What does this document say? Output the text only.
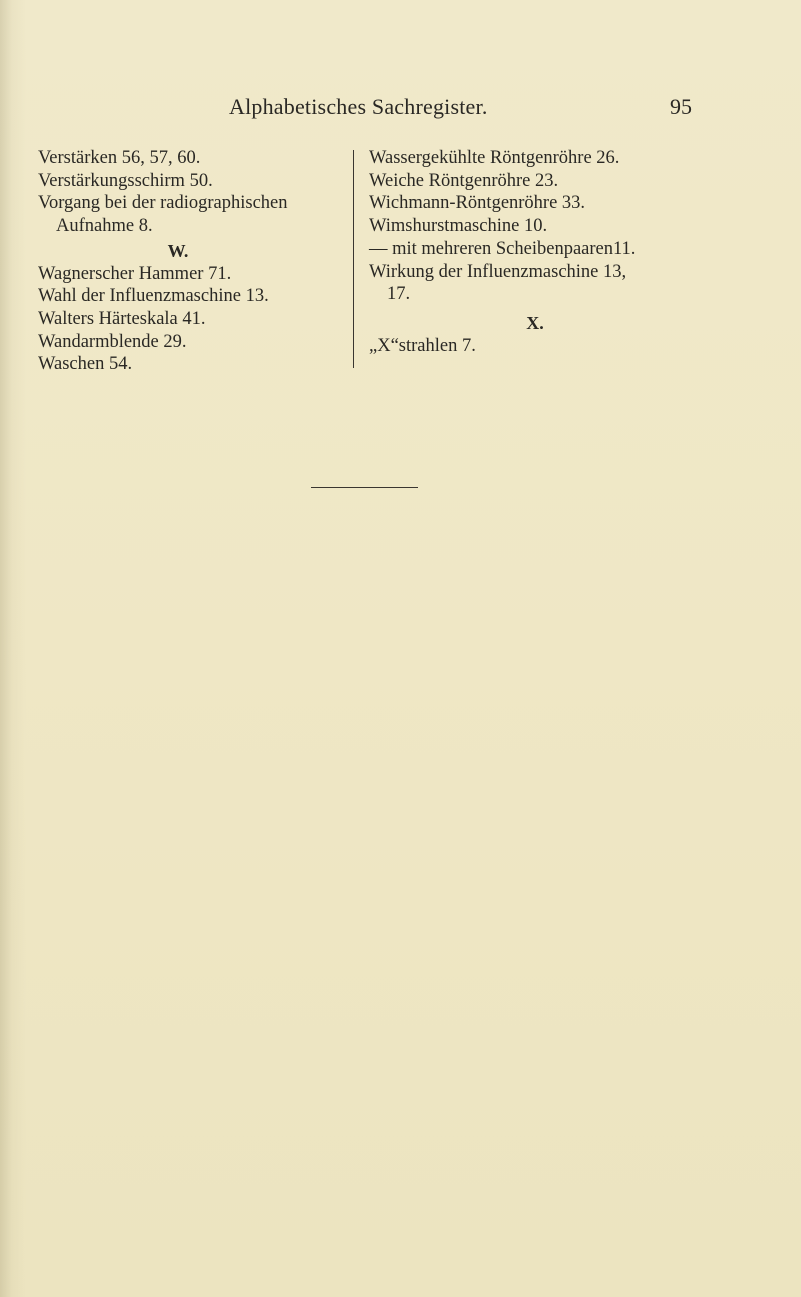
Alphabetisches Sachregister.	95
Verstärken 56, 57, 60.
Verstärkungsschirm 50.
Vorgang bei der radiographischen
Aufnahme 8.
W.
Wagnerscher Hammer 71.
Wahl der Influenzmaschine 13.
Walters Härteskala 41.
Wandarmblende 29.
Waschen 54.
Wassergekühlte Röntgenröhre 26.
Weiche Röntgenröhre 23.
Wichmann-Röntgenröhre 33.
Wimshurstmaschine 10.
— mit mehreren Scheibenpaaren11.
Wirkung der Influenzmaschine 13,
17.
X.
„X“strahlen 7.
